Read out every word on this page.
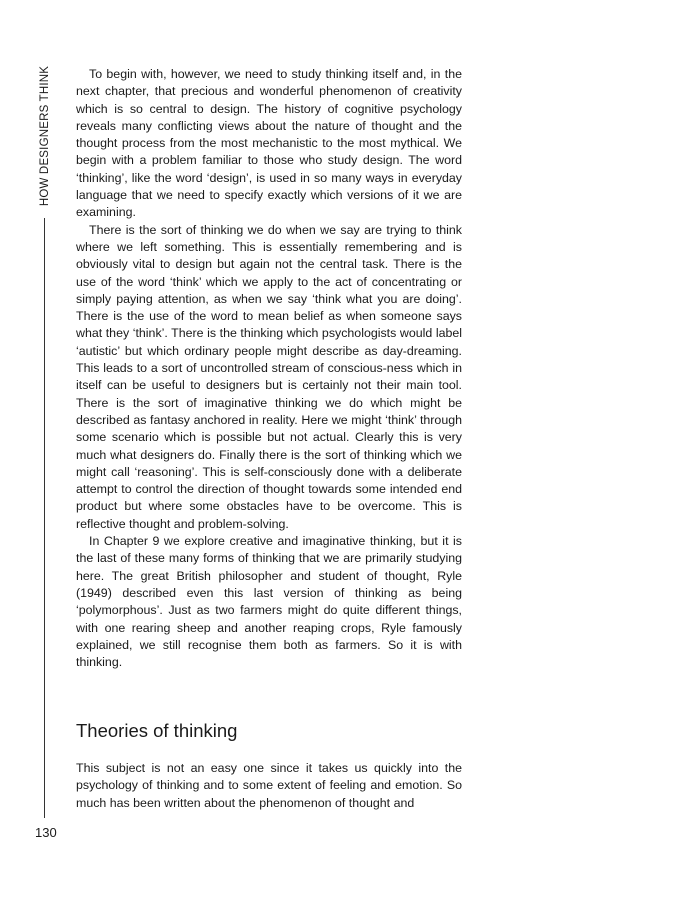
HOW DESIGNERS THINK
130

To begin with, however, we need to study thinking itself and, in the next chapter, that precious and wonderful phenomenon of creativity which is so central to design. The history of cognitive psychology reveals many conflicting views about the nature of thought and the thought process from the most mechanistic to the most mythical. We begin with a problem familiar to those who study design. The word ‘thinking’, like the word ‘design’, is used in so many ways in everyday language that we need to specify exactly which versions of it we are examining.

There is the sort of thinking we do when we say are trying to think where we left something. This is essentially remembering and is obviously vital to design but again not the central task. There is the use of the word ‘think’ which we apply to the act of concentrating or simply paying attention, as when we say ‘think what you are doing’. There is the use of the word to mean belief as when someone says what they ‘think’. There is the thinking which psychologists would label ‘autistic’ but which ordinary people might describe as day-dreaming. This leads to a sort of uncontrolled stream of conscious-ness which in itself can be useful to designers but is certainly not their main tool. There is the sort of imaginative thinking we do which might be described as fantasy anchored in reality. Here we might ‘think’ through some scenario which is possible but not actual. Clearly this is very much what designers do. Finally there is the sort of thinking which we might call ‘reasoning’. This is self-consciously done with a deliberate attempt to control the direction of thought towards some intended end product but where some obstacles have to be overcome. This is reflective thought and problem-solving.

In Chapter 9 we explore creative and imaginative thinking, but it is the last of these many forms of thinking that we are primarily studying here. The great British philosopher and student of thought, Ryle (1949) described even this last version of thinking as being ‘polymorphous’. Just as two farmers might do quite different things, with one rearing sheep and another reaping crops, Ryle famously explained, we still recognise them both as farmers. So it is with thinking.

Theories of thinking

This subject is not an easy one since it takes us quickly into the psychology of thinking and to some extent of feeling and emotion. So much has been written about the phenomenon of thought and
